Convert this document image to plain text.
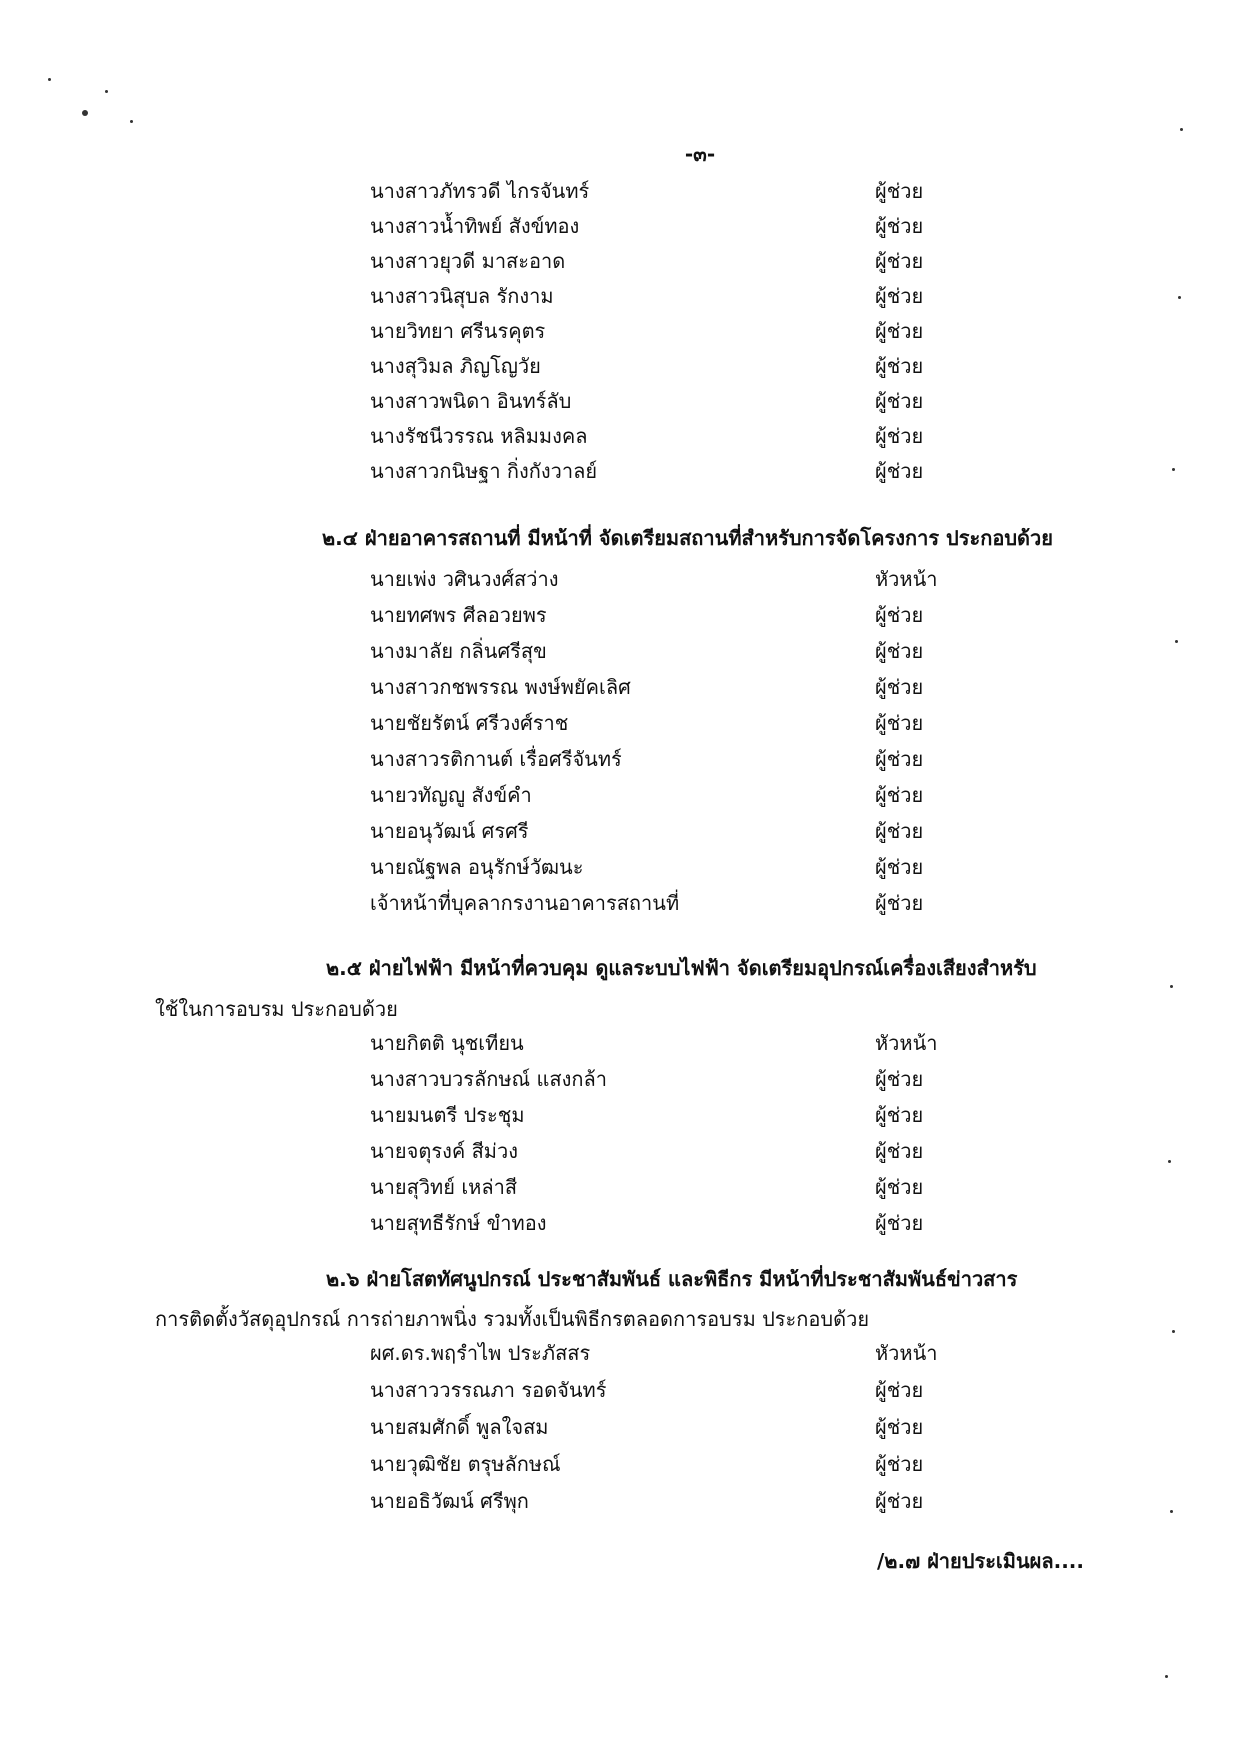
-๓-
นางสาวภัทรวดี ไกรจันทร์	ผู้ช่วย
นางสาวน้ำทิพย์ สังข์ทอง	ผู้ช่วย
นางสาวยุวดี มาสะอาด	ผู้ช่วย
นางสาวนิสุบล รักงาม	ผู้ช่วย
นายวิทยา ศรีนรคุตร	ผู้ช่วย
นางสุวิมล ภิญโญวัย	ผู้ช่วย
นางสาวพนิดา อินทร์ลับ	ผู้ช่วย
นางรัชนีวรรณ หลิมมงคล	ผู้ช่วย
นางสาวกนิษฐา กิ่งกังวาลย์	ผู้ช่วย
๒.๔ ฝ่ายอาคารสถานที่ มีหน้าที่ จัดเตรียมสถานที่สำหรับการจัดโครงการ ประกอบด้วย
นายเพ่ง วศินวงศ์สว่าง	หัวหน้า
นายทศพร ศีลอวยพร	ผู้ช่วย
นางมาลัย กลิ่นศรีสุข	ผู้ช่วย
นางสาวกชพรรณ พงษ์พยัคเลิศ	ผู้ช่วย
นายชัยรัตน์ ศรีวงศ์ราช	ผู้ช่วย
นางสาวรติกานต์ เรื่อศรีจันทร์	ผู้ช่วย
นายวทัญญู สังข์คำ	ผู้ช่วย
นายอนุวัฒน์ ศรศรี	ผู้ช่วย
นายณัฐพล อนุรักษ์วัฒนะ	ผู้ช่วย
เจ้าหน้าที่บุคลากรงานอาคารสถานที่	ผู้ช่วย
๒.๕ ฝ่ายไฟฟ้า มีหน้าที่ควบคุม ดูแลระบบไฟฟ้า จัดเตรียมอุปกรณ์เครื่องเสียงสำหรับ
ใช้ในการอบรม ประกอบด้วย
นายกิตติ นุชเทียน	หัวหน้า
นางสาวบวรลักษณ์ แสงกล้า	ผู้ช่วย
นายมนตรี ประชุม	ผู้ช่วย
นายจตุรงค์ สีม่วง	ผู้ช่วย
นายสุวิทย์ เหล่าสี	ผู้ช่วย
นายสุทธีรักษ์ ขำทอง	ผู้ช่วย
๒.๖ ฝ่ายโสตทัศนูปกรณ์ ประชาสัมพันธ์ และพิธีกร มีหน้าที่ประชาสัมพันธ์ข่าวสาร
การติดตั้งวัสดุอุปกรณ์ การถ่ายภาพนิ่ง รวมทั้งเป็นพิธีกรตลอดการอบรม ประกอบด้วย
ผศ.ดร.พฤรำไพ ประภัสสร	หัวหน้า
นางสาววรรณภา รอดจันทร์	ผู้ช่วย
นายสมศักดิ์ พูลใจสม	ผู้ช่วย
นายวุฒิชัย ตรุษลักษณ์	ผู้ช่วย
นายอธิวัฒน์ ศรีพุก	ผู้ช่วย
/๒.๗ ฝ่ายประเมินผล....
